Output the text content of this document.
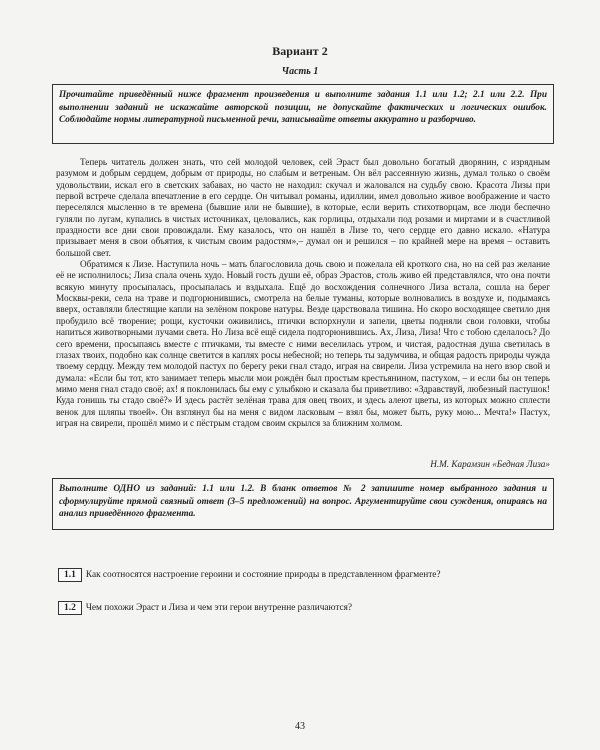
Вариант 2
Часть 1
Прочитайте приведённый ниже фрагмент произведения и выполните задания 1.1 или 1.2; 2.1 или 2.2. При выполнении заданий не искажайте авторской позиции, не допускайте фактических и логических ошибок. Соблюдайте нормы литературной письменной речи, записывайте ответы аккуратно и разборчиво.

Теперь читатель должен знать, что сей молодой человек, сей Эраст был довольно богатый дворянин, с изрядным разумом и добрым сердцем, добрым от природы, но слабым и ветреным. Он вёл рассеянную жизнь, думал только о своём удовольствии, искал его в светских забавах, но часто не находил: скучал и жаловался на судьбу свою. Красота Лизы при первой встрече сделала впечатление в его сердце. Он читывал романы, идиллии, имел довольно живое воображение и часто переселялся мысленно в те времена (бывшие или не бывшие), в которые, если верить стихотворцам, все люди беспечно гуляли по лугам, купались в чистых источниках, целовались, как горлицы, отдыхали под розами и миртами и в счастливой праздности все дни свои провождали. Ему казалось, что он нашёл в Лизе то, чего сердце его давно искало. «Натура призывает меня в свои объятия, к чистым своим радостям»,– думал он и решился – по крайней мере на время – оставить большой свет.

Обратимся к Лизе. Наступила ночь – мать благословила дочь свою и пожелала ей кроткого сна, но на сей раз желание её не исполнилось; Лиза спала очень худо. Новый гость души её, образ Эрастов, столь живо ей представлялся, что она почти всякую минуту просыпалась, просыпалась и вздыхала. Ещё до восхождения солнечного Лиза встала, сошла на берег Москвы-реки, села на траве и подгорюнившись, смотрела на белые туманы, которые волновались в воздухе и, подымаясь вверх, оставляли блестящие капли на зелёном покрове натуры. Везде царствовала тишина. Но скоро восходящее светило дня пробудило всё творение; рощи, кусточки оживились, птички вспорхнули и запели, цветы подняли свои головки, чтобы напиться животворными лучами света. Но Лиза всё ещё сидела подгорюнившись. Ах, Лиза, Лиза! Что с тобою сделалось? До сего времени, просыпаясь вместе с птичками, ты вместе с ними веселилась утром, и чистая, радостная душа светилась в глазах твоих, подобно как солнце светится в каплях росы небесной; но теперь ты задумчива, и общая радость природы чужда твоему сердцу. Между тем молодой пастух по берегу реки гнал стадо, играя на свирели. Лиза устремила на него взор свой и думала: «Если бы тот, кто занимает теперь мысли мои рождён был простым крестьянином, пастухом, – и если бы он теперь мимо меня гнал стадо своё; ах! я поклонилась бы ему с улыбкою и сказала бы приветливо: «Здравствуй, любезный пастушок! Куда гонишь ты стадо своё?» И здесь растёт зелёная трава для овец твоих, и здесь алеют цветы, из которых можно сплести венок для шляпы твоей». Он взглянул бы на меня с видом ласковым – взял бы, может быть, руку мою... Мечта!» Пастух, играя на свирели, прошёл мимо и с пёстрым стадом своим скрылся за ближним холмом.

Н.М. Карамзин «Бедная Лиза»
Выполните ОДНО из заданий: 1.1 или 1.2. В бланк ответов № 2 запишите номер выбранного задания и сформулируйте прямой связный ответ (3–5 предложений) на вопрос. Аргументируйте свои суждения, опираясь на анализ приведённого фрагмента.
1.1	Как соотносятся настроение героини и состояние природы в представленном фрагменте?
1.2	Чем похожи Эраст и Лиза и чем эти герои внутренне различаются?
43
